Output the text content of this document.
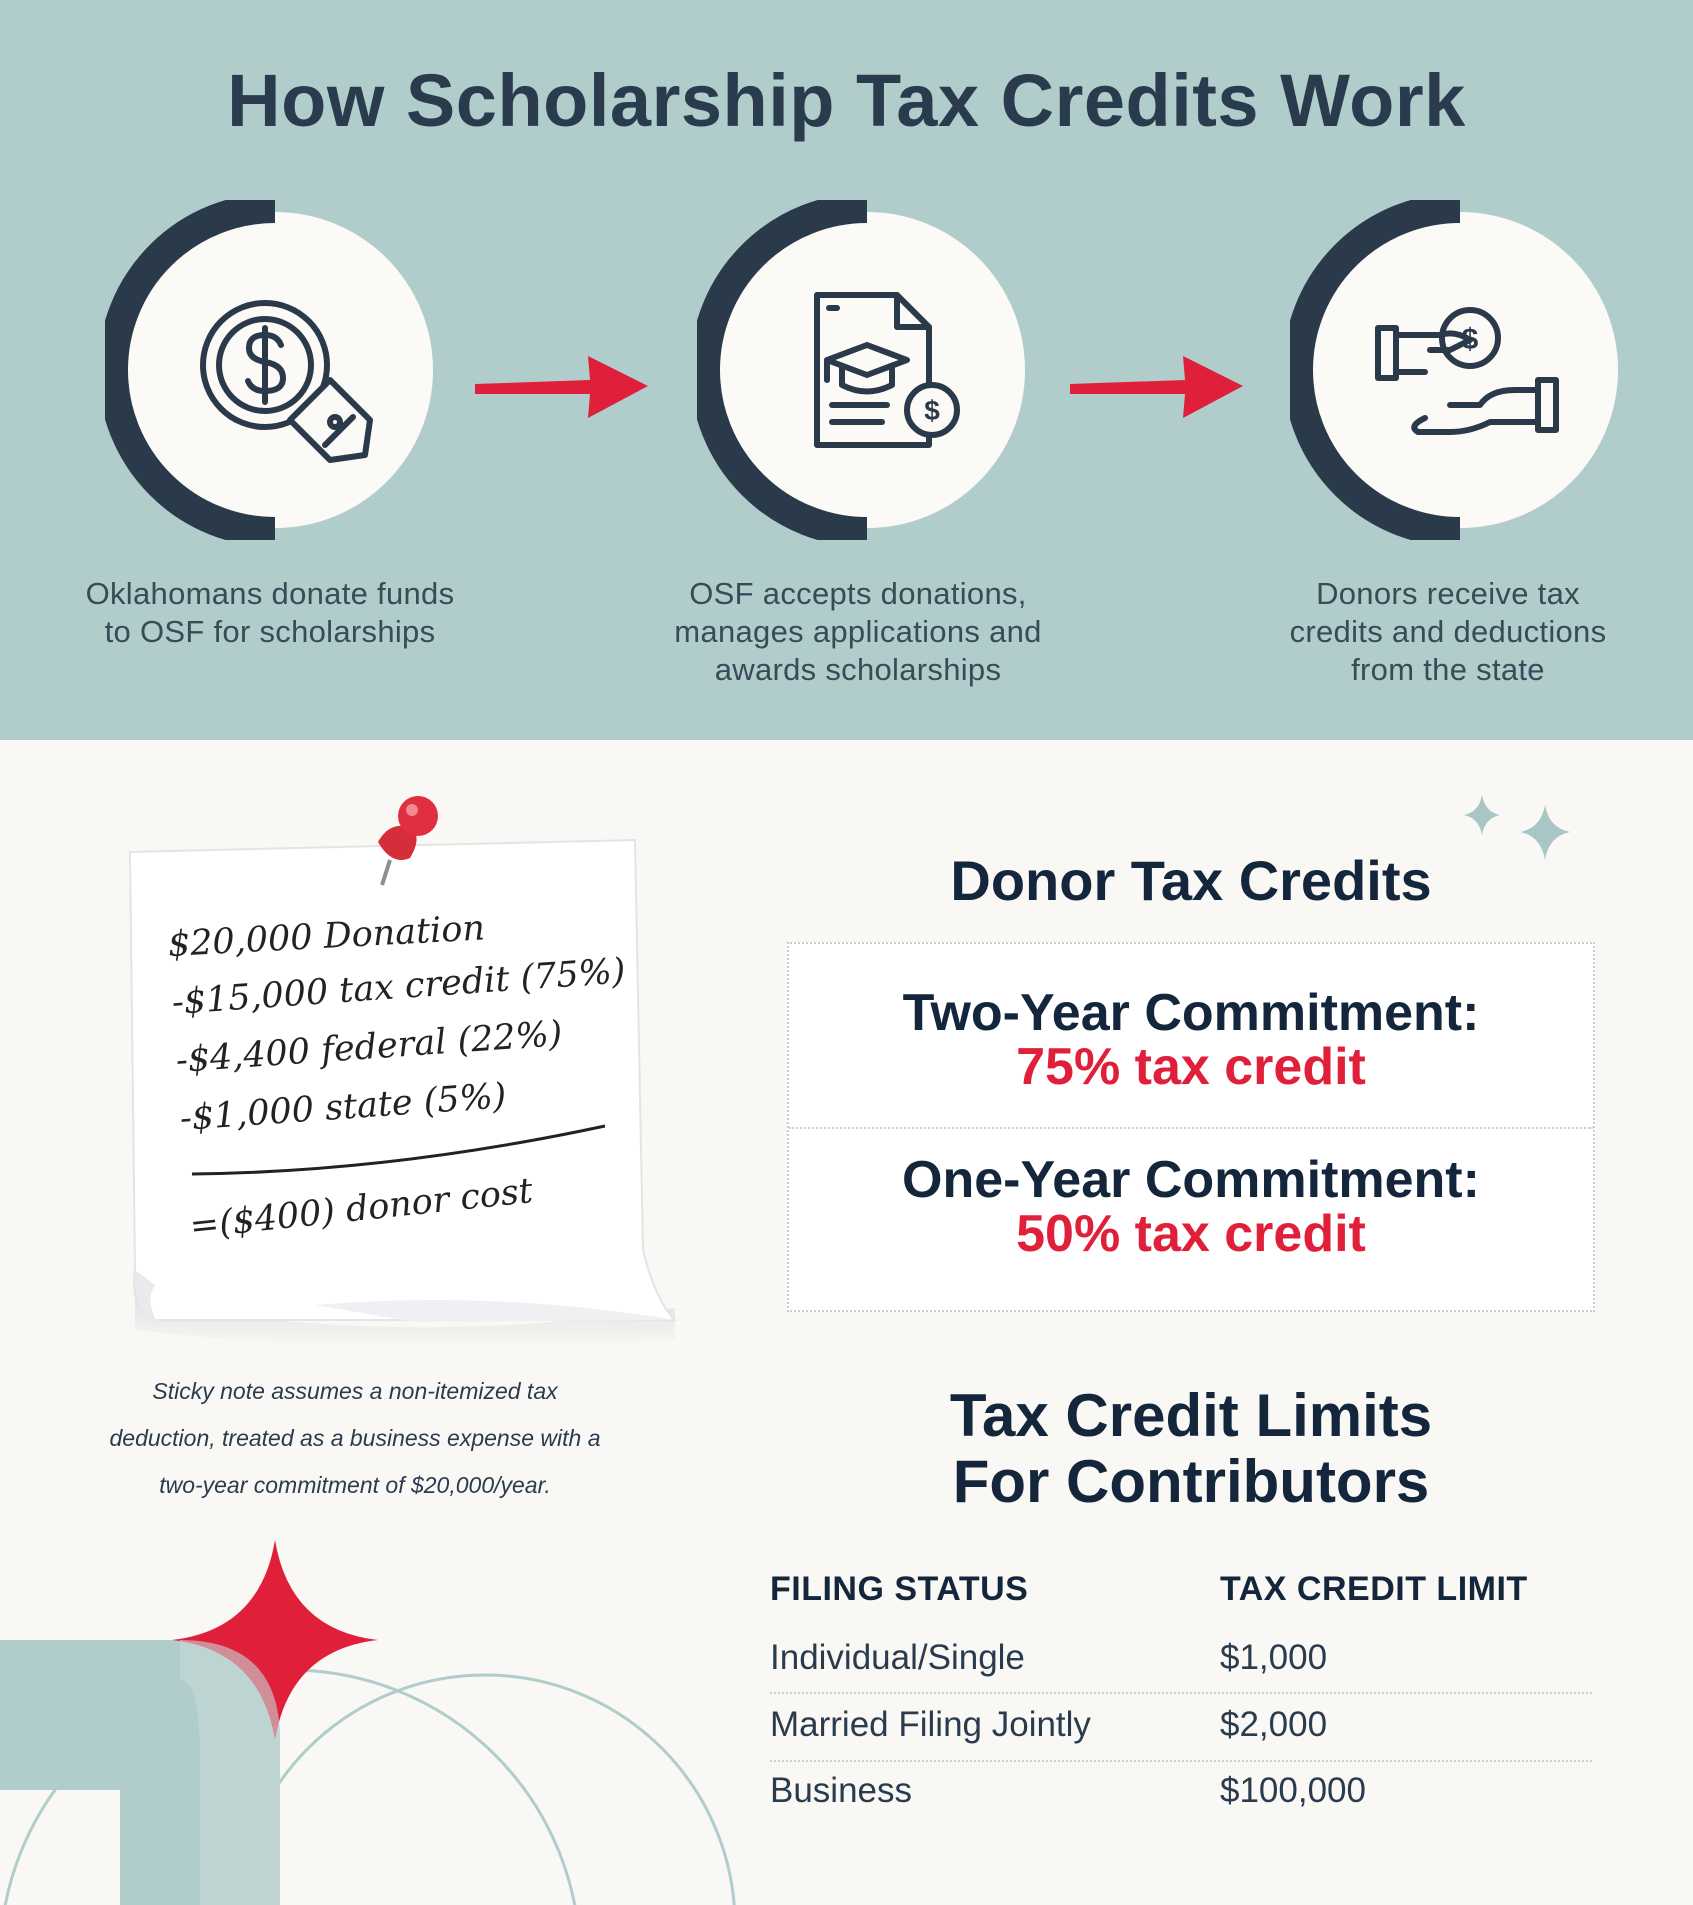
How Scholarship Tax Credits Work
$
$
Oklahomans donate funds
to OSF for scholarships
OSF accepts donations,
manages applications and
awards scholarships
Donors receive tax
credits and deductions
from the state
$20,000 Donation
-$15,000 tax credit (75%)
-$4,400 federal (22%)
-$1,000 state (5%)
=($400) donor cost
Sticky note assumes a non-itemized tax
deduction, treated as a business expense with a
two-year commitment of $20,000/year.
Donor Tax Credits
Two-Year Commitment:
75% tax credit
One-Year Commitment:
50% tax credit
Tax Credit Limits
For Contributors
FILING STATUS	TAX CREDIT LIMIT
Individual/Single	$1,000
Married Filing Jointly	$2,000
Business	$100,000
